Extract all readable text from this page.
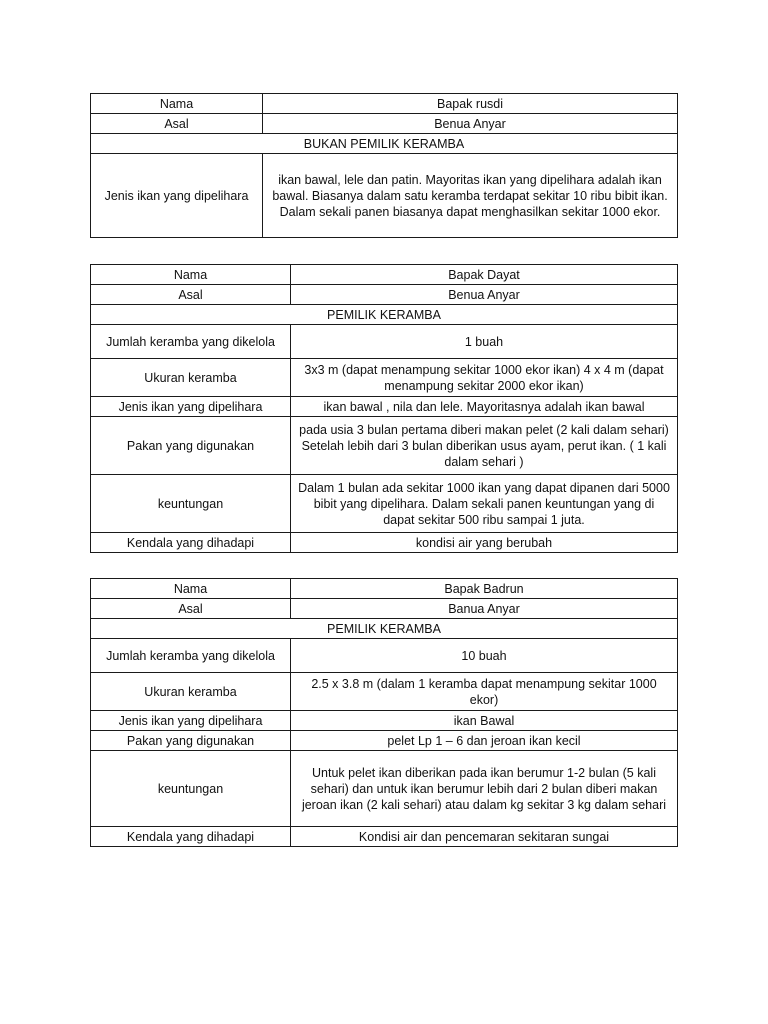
Nama	Bapak rusdi
Asal	Benua Anyar
BUKAN PEMILIK KERAMBA	
Jenis ikan yang dipelihara	ikan bawal, lele dan patin. Mayoritas ikan yang dipelihara adalah ikan bawal. Biasanya dalam satu keramba terdapat sekitar 10 ribu bibit ikan. Dalam sekali panen biasanya dapat menghasilkan sekitar 1000 ekor.
Nama	Bapak Dayat
Asal	Benua Anyar
PEMILIK KERAMBA	
Jumlah keramba yang dikelola	1 buah
Ukuran keramba	3x3 m (dapat menampung sekitar 1000 ekor ikan) 4 x 4 m (dapat menampung sekitar 2000 ekor ikan)
Jenis ikan yang dipelihara	ikan bawal , nila dan lele. Mayoritasnya adalah ikan bawal
Pakan yang digunakan	pada usia 3 bulan pertama diberi makan pelet (2 kali dalam sehari) Setelah lebih dari 3 bulan diberikan usus ayam, perut ikan. ( 1 kali dalam sehari )
keuntungan	Dalam 1 bulan ada sekitar 1000 ikan yang dapat dipanen dari 5000 bibit yang dipelihara. Dalam sekali panen keuntungan yang di dapat sekitar 500 ribu sampai 1 juta.
Kendala yang dihadapi	kondisi air yang berubah
Nama	Bapak Badrun
Asal	Banua Anyar
PEMILIK KERAMBA	
Jumlah keramba yang dikelola	10 buah
Ukuran keramba	2.5 x 3.8 m (dalam 1 keramba dapat menampung sekitar 1000 ekor)
Jenis ikan yang dipelihara	ikan Bawal
Pakan yang digunakan	pelet Lp 1 – 6 dan jeroan ikan kecil
keuntungan	Untuk pelet ikan diberikan pada ikan berumur 1-2 bulan (5 kali sehari) dan untuk ikan berumur lebih dari 2 bulan diberi makan jeroan ikan (2 kali sehari) atau dalam kg sekitar 3 kg dalam sehari
Kendala yang dihadapi	Kondisi air dan pencemaran sekitaran sungai
